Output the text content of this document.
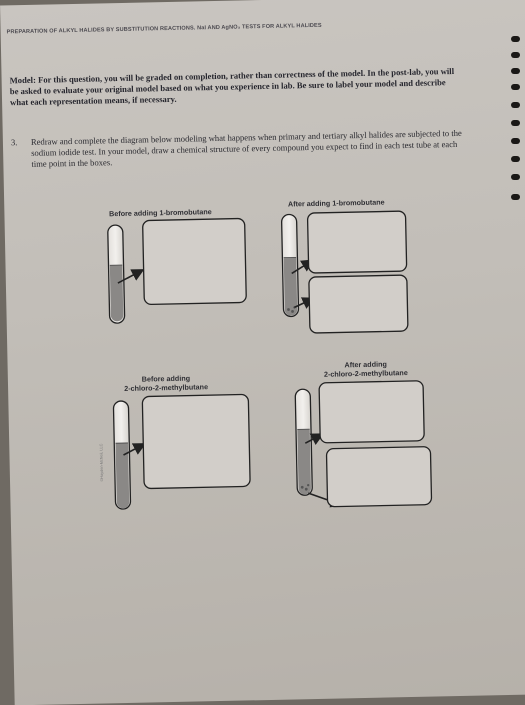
PREPARATION OF ALKYL HALIDES BY SUBSTITUTION REACTIONS. NaI AND AgNO₃ TESTS FOR ALKYL HALIDES
Model: For this question, you will be graded on completion, rather than correctness of the model. In the post-lab, you will be asked to evaluate your original model based on what you experience in lab. Be sure to label your model and describe what each representation means, if necessary.
3. Redraw and complete the diagram below modeling what happens when primary and tertiary alkyl halides are subjected to the sodium iodide test. In your model, draw a chemical structure of every compound you expect to find in each test tube at each time point in the boxes.
Before adding 1-bromobutane
After adding 1-bromobutane
Before adding
2-chloro-2-methylbutane
After adding
2-chloro-2-methylbutane
©Hayden-McNeil, LLC
